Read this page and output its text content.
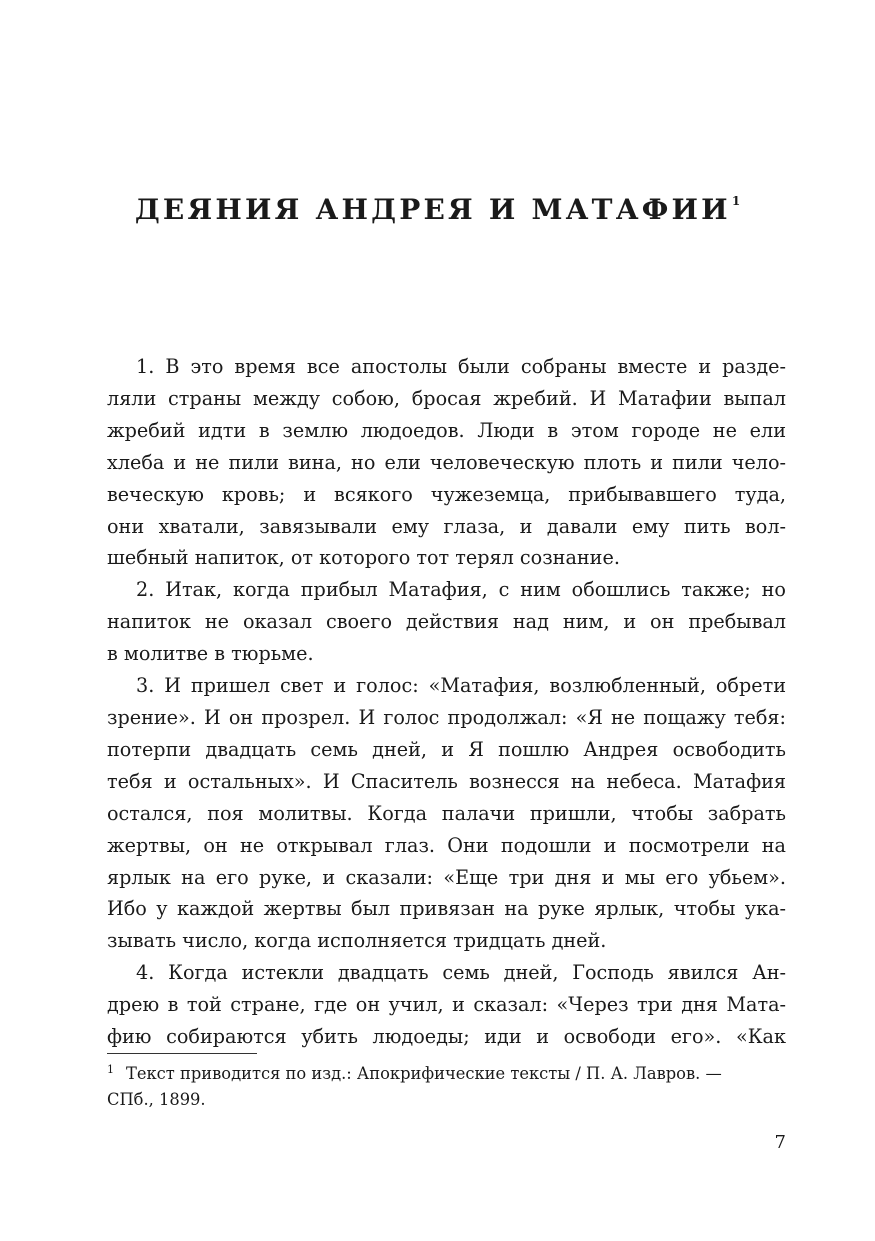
ДЕЯНИЯ АНДРЕЯ И МАТАФИИ$^1$
1. В это время все апостолы были собраны вместе и разде-
ляли страны между собою, бросая жребий. И Матафии выпал
жребий идти в землю людоедов. Люди в этом городе не ели
хлеба и не пили вина, но ели человеческую плоть и пили чело-
веческую кровь; и всякого чужеземца, прибывавшего туда,
они хватали, завязывали ему глаза, и давали ему пить вол-
шебный напиток, от которого тот терял сознание.
2. Итак, когда прибыл Матафия, с ним обошлись также; но
напиток не оказал своего действия над ним, и он пребывал
в молитве в тюрьме.
3. И пришел свет и голос: «Матафия, возлюбленный, обрети
зрение». И он прозрел. И голос продолжал: «Я не пощажу тебя:
потерпи двадцать семь дней, и Я пошлю Андрея освободить
тебя и остальных». И Спаситель вознесся на небеса. Матафия
остался, поя молитвы. Когда палачи пришли, чтобы забрать
жертвы, он не открывал глаз. Они подошли и посмотрели на
ярлык на его руке, и сказали: «Еще три дня и мы его убьем».
Ибо у каждой жертвы был привязан на руке ярлык, чтобы ука-
зывать число, когда исполняется тридцать дней.
4. Когда истекли двадцать семь дней, Господь явился Ан-
дрею в той стране, где он учил, и сказал: «Через три дня Мата-
фию собираются убить людоеды; иди и освободи его». «Как
$^1$ Текст приводится по изд.: Апокрифические тексты / П. А. Лавров. —
СПб., 1899.
7
